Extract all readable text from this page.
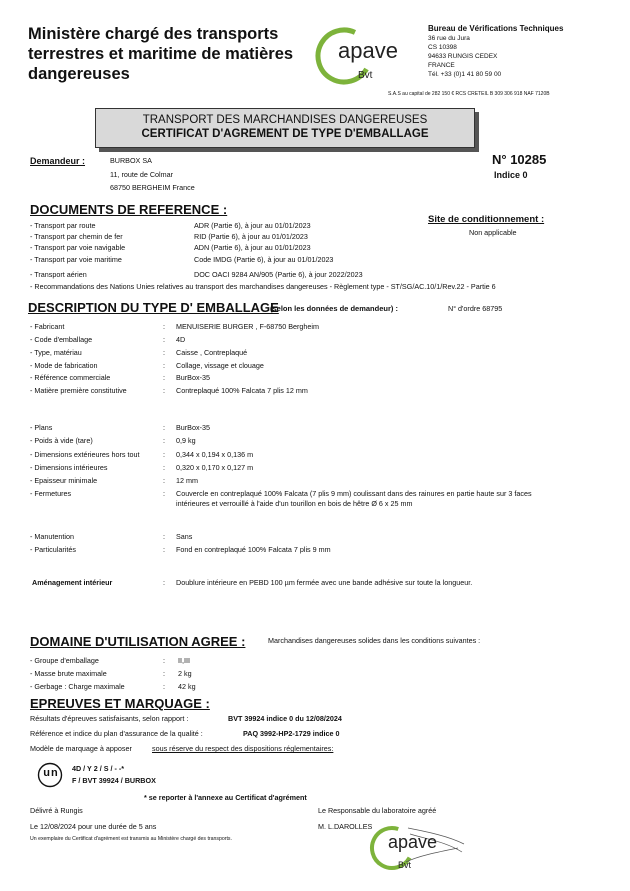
Ministère chargé des transports
terrestres et maritime de matières
dangereuses
apave
Bvt
Bureau de Vérifications Techniques
36 rue du Jura
CS 10398
94633 RUNGIS CEDEX
FRANCE
Tél. +33 (0)1 41 80 59 00
S.A.S au capital de 282 150 € RCS CRETEIL B 309 306 918 NAF 7120B
TRANSPORT DES MARCHANDISES DANGEREUSES
CERTIFICAT D'AGREMENT DE TYPE D'EMBALLAGE
Demandeur :	BURBOX SA
11, route de Colmar
68750 BERGHEIM France
N° 10285
Indice 0
DOCUMENTS DE REFERENCE :
Site de conditionnement :
Non applicable
- Transport par route	ADR (Partie 6), à jour au 01/01/2023
- Transport par chemin de fer	RID (Partie 6), à jour au 01/01/2023
- Transport par voie navigable	ADN (Partie 6), à jour au 01/01/2023
- Transport par voie maritime	Code IMDG (Partie 6), à jour au 01/01/2023
- Transport aérien	DOC OACI 9284 AN/905 (Partie 6), à jour 2022/2023
- Recommandations des Nations Unies relatives au transport des marchandises dangereuses - Règlement type - ST/SG/AC.10/1/Rev.22 - Partie 6
DESCRIPTION DU TYPE D' EMBALLAGE
(selon les données de demandeur) :	N° d'ordre 68795
- Fabricant	: MENUISERIE BURGER , F-68750 Bergheim
- Code d'emballage	: 4D
- Type, matériau	: Caisse , Contreplaqué
- Mode de fabrication	: Collage, vissage et clouage
- Référence commerciale	: BurBox-35
- Matière première constitutive	: Contreplaqué 100% Falcata 7 plis 12 mm
- Plans	: BurBox-35
- Poids à vide (tare)	: 0,9 kg
- Dimensions extérieures hors tout	: 0,344 x 0,194 x 0,136 m
- Dimensions intérieures	: 0,320 x 0,170 x 0,127 m
- Epaisseur minimale	: 12 mm
- Fermetures	: Couvercle en contreplaqué 100% Falcata (7 plis 9 mm) coulissant dans des rainures en partie haute sur 3 faces
intérieures et verrouillé à l'aide d'un tourillon en bois de hêtre Ø 6 x 25 mm
- Manutention	: Sans
- Particularités	: Fond en contreplaqué 100% Falcata 7 plis 9 mm
Aménagement intérieur	: Doublure intérieure en PEBD 100 µm fermée avec une bande adhésive sur toute la longueur.
DOMAINE D'UTILISATION AGREE :	Marchandises dangereuses solides dans les conditions suivantes :
- Groupe d'emballage	: II,III
- Masse brute maximale	: 2 kg
- Gerbage : Charge maximale	: 42 kg
EPREUVES ET MARQUAGE :
Résultats d'épreuves satisfaisants, selon rapport :	BVT 39924 indice 0 du 12/08/2024
Référence et indice du plan d'assurance de la qualité :	PAQ 3992-HP2-1729 indice 0
Modèle de marquage à apposer	sous réserve du respect des dispositions réglementaires:
u n	4D / Y 2 / S / - -*
F / BVT 39924 / BURBOX
* se reporter à l'annexe au Certificat d'agrément
Délivré à Rungis
Le 12/08/2024 pour une durée de 5 ans
Un exemplaire du Certificat d'agrément est transmis au Ministère chargé des transports.
Le Responsable du laboratoire agréé
M. L.DAROLLES
apave
Bvt
